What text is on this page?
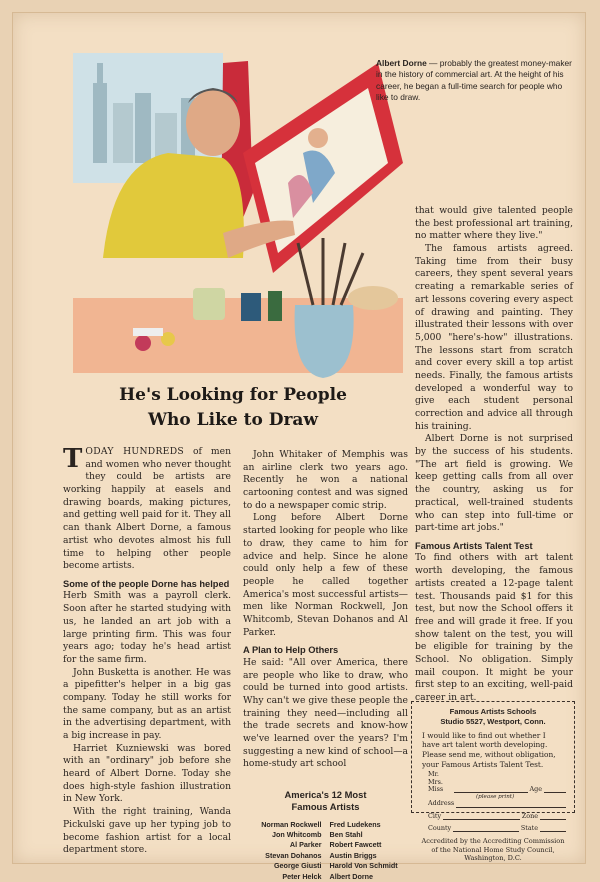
Albert Dorne — probably the greatest money-maker in the history of commercial art. At the height of his career, he began a full-time search for people who like to draw.
He's Looking for People
Who Like to Draw

TODAY HUNDREDS of men and women who never thought they could be artists are working happily at easels and drawing boards, making pictures, and getting well paid for it. They all can thank Albert Dorne, a famous artist who devotes almost his full time to helping other people become artists.

Some of the people Dorne has helped

Herb Smith was a payroll clerk. Soon after he started studying with us, he landed an art job with a large printing firm. This was four years ago; today he's head artist for the same firm.

John Busketta is another. He was a pipefitter's helper in a big gas company. Today he still works for the same company, but as an artist in the advertising department, with a big increase in pay.

Harriet Kuzniewski was bored with an "ordinary" job before she heard of Albert Dorne. Today she does high-style fashion illustration in New York.

With the right training, Wanda Pickulski gave up her typing job to become fashion artist for a local department store.

John Whitaker of Memphis was an airline clerk two years ago. Recently he won a national cartooning contest and was signed to do a newspaper comic strip.

Long before Albert Dorne started looking for people who like to draw, they came to him for advice and help. Since he alone could only help a few of these people he called together America's most successful artists—men like Norman Rockwell, Jon Whitcomb, Stevan Dohanos and Al Parker.

A Plan to Help Others

He said: "All over America, there are people who like to draw, who could be turned into good artists. Why can't we give these people the training they need—including all the trade secrets and know-how we've learned over the years? I'm suggesting a new kind of school—a home-study art school

America's 12 Most
Famous Artists
Norman Rockwell Fred Ludekens
Jon Whitcomb Ben Stahl
Al Parker Robert Fawcett
Stevan Dohanos Austin Briggs
George Giusti Harold Von Schmidt
Peter Helck Albert Dorne

that would give talented people the best professional art training, no matter where they live."

The famous artists agreed. Taking time from their busy careers, they spent several years creating a remarkable series of art lessons covering every aspect of drawing and painting. They illustrated their lessons with over 5,000 "here's-how" illustrations. The lessons start from scratch and cover every skill a top artist needs. Finally, the famous artists developed a wonderful way to give each student personal correction and advice all through his training.

Albert Dorne is not surprised by the success of his students. "The art field is growing. We keep getting calls from all over the country, asking us for practical, well-trained students who can step into full-time or part-time art jobs."

Famous Artists Talent Test

To find others with art talent worth developing, the famous artists created a 12-page talent test. Thousands paid $1 for this test, but now the School offers it free and will grade it free. If you show talent on the test, you will be eligible for training by the School. No obligation. Simply mail coupon. It might be your first step to an exciting, well-paid career in art.

Famous Artists Schools
Studio 5527, Westport, Conn.
I would like to find out whether I have art talent worth developing. Please send me, without obligation, your Famous Artists Talent Test.
Mr.
Mrs.
Miss
(please print)
Age
Address
City	Zone
County	State
Accredited by the Accrediting Commission of the National Home Study Council, Washington, D.C.
